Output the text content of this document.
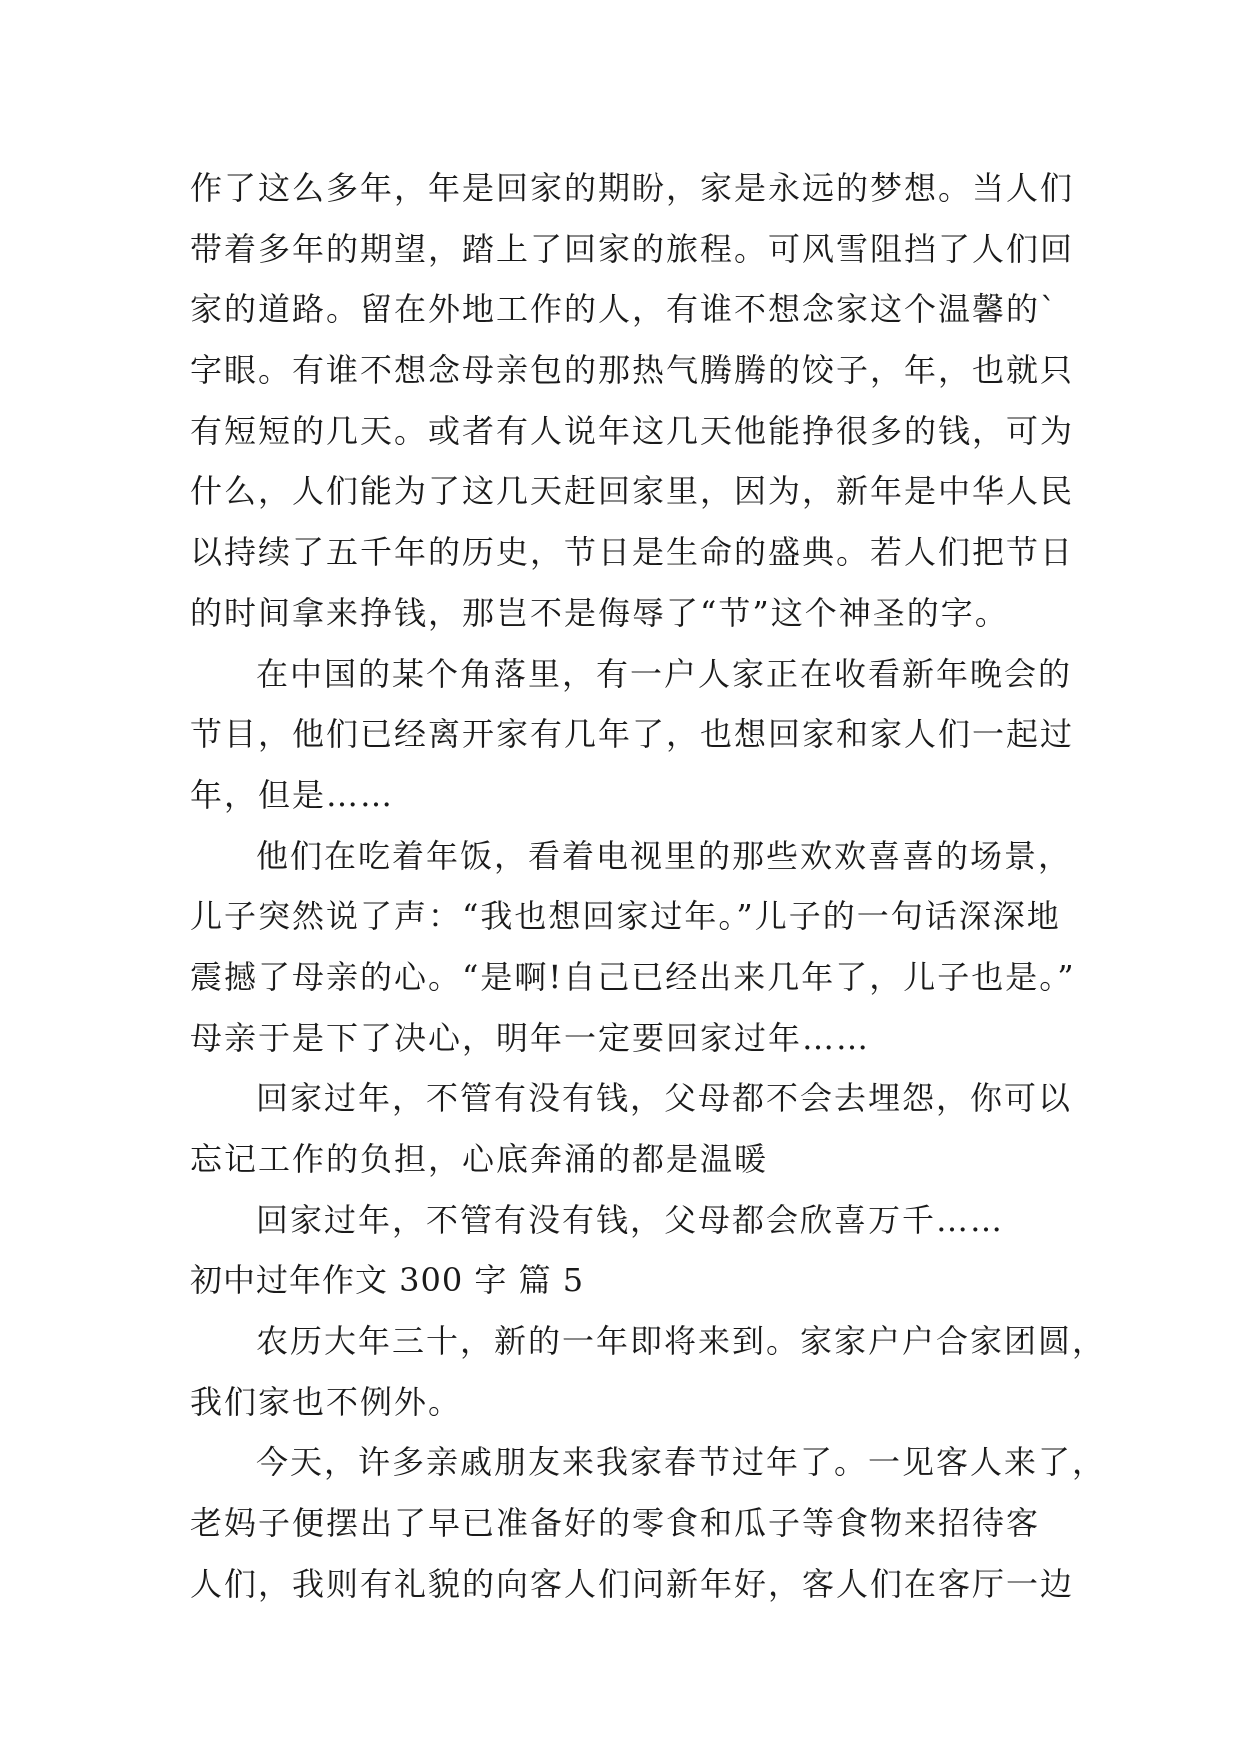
作了这么多年，年是回家的期盼，家是永远的梦想。当人们
带着多年的期望，踏上了回家的旅程。可风雪阻挡了人们回
家的道路。留在外地工作的人，有谁不想念家这个温馨的`
字眼。有谁不想念母亲包的那热气腾腾的饺子，年，也就只
有短短的几天。或者有人说年这几天他能挣很多的钱，可为
什么，人们能为了这几天赶回家里，因为，新年是中华人民
以持续了五千年的历史，节日是生命的盛典。若人们把节日
的时间拿来挣钱，那岂不是侮辱了“节”这个神圣的字。
在中国的某个角落里，有一户人家正在收看新年晚会的
节目，他们已经离开家有几年了，也想回家和家人们一起过
年，但是……
他们在吃着年饭，看着电视里的那些欢欢喜喜的场景，
儿子突然说了声：“我也想回家过年。”儿子的一句话深深地
震撼了母亲的心。“是啊!自己已经出来几年了，儿子也是。”
母亲于是下了决心，明年一定要回家过年……
回家过年，不管有没有钱，父母都不会去埋怨，你可以
忘记工作的负担，心底奔涌的都是温暖
回家过年，不管有没有钱，父母都会欣喜万千……
初中过年作文 300 字 篇 5
农历大年三十，新的一年即将来到。家家户户合家团圆，
我们家也不例外。
今天，许多亲戚朋友来我家春节过年了。一见客人来了，
老妈子便摆出了早已准备好的零食和瓜子等食物来招待客
人们，我则有礼貌的向客人们问新年好，客人们在客厅一边
